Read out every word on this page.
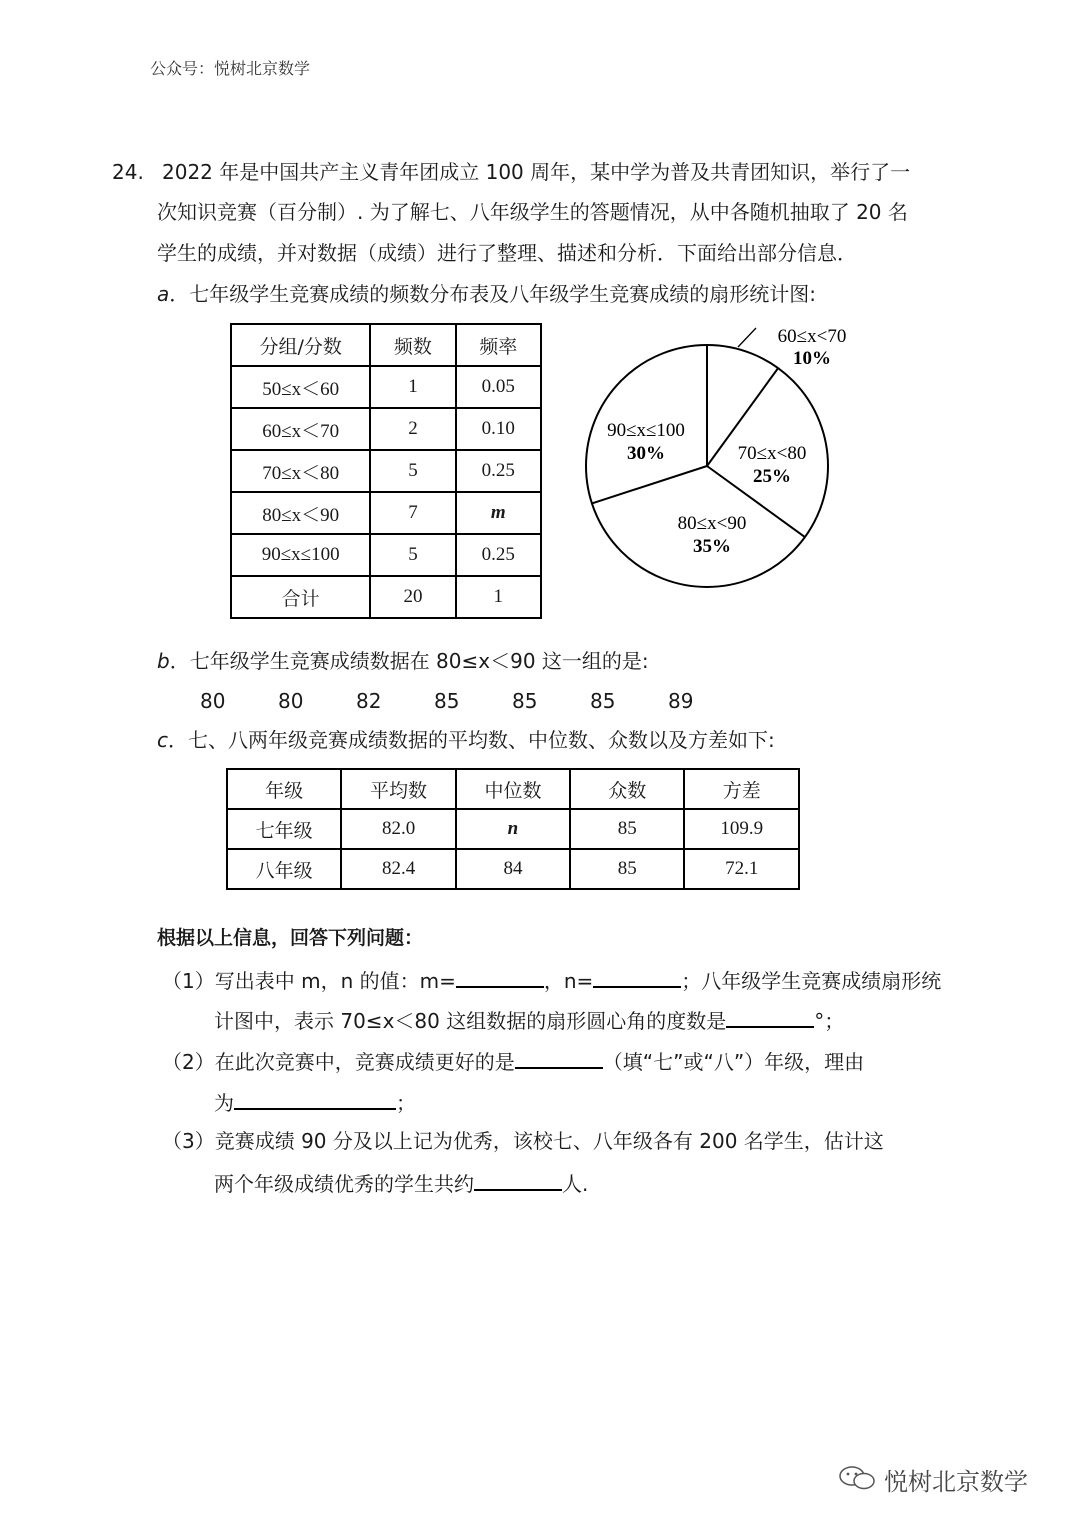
公众号：悦树北京数学
24. 2022 年是中国共产主义青年团成立 100 周年，某中学为普及共青团知识，举行了一
次知识竞赛（百分制）. 为了解七、八年级学生的答题情况，从中各随机抽取了 20 名
学生的成绩，并对数据（成绩）进行了整理、描述和分析．下面给出部分信息．
a．七年级学生竞赛成绩的频数分布表及八年级学生竞赛成绩的扇形统计图:
分组/分数	频数	频率
50≤x＜60	1	0.05
60≤x＜70	2	0.10
70≤x＜80	5	0.25
80≤x＜90	7	m
90≤x≤100	5	0.25
合计	20	1
60≤x<70
10%
70≤x<80
25%
80≤x<90
35%
90≤x≤100
30%
b．七年级学生竞赛成绩数据在 80≤x＜90 这一组的是:
80	80	82	85	85	85	89
c．七、八两年级竞赛成绩数据的平均数、中位数、众数以及方差如下:
年级	平均数	中位数	众数	方差
七年级	82.0	n	85	109.9
八年级	82.4	84	85	72.1
根据以上信息，回答下列问题：
（1）写出表中 m，n 的值：m=	，n=	；八年级学生竞赛成绩扇形统
计图中，表示 70≤x＜80 这组数据的扇形圆心角的度数是	°；
（2）在此次竞赛中，竞赛成绩更好的是	（填“七”或“八”）年级，理由
为	；
（3）竞赛成绩 90 分及以上记为优秀，该校七、八年级各有 200 名学生，估计这
两个年级成绩优秀的学生共约	人.
悦树北京数学
